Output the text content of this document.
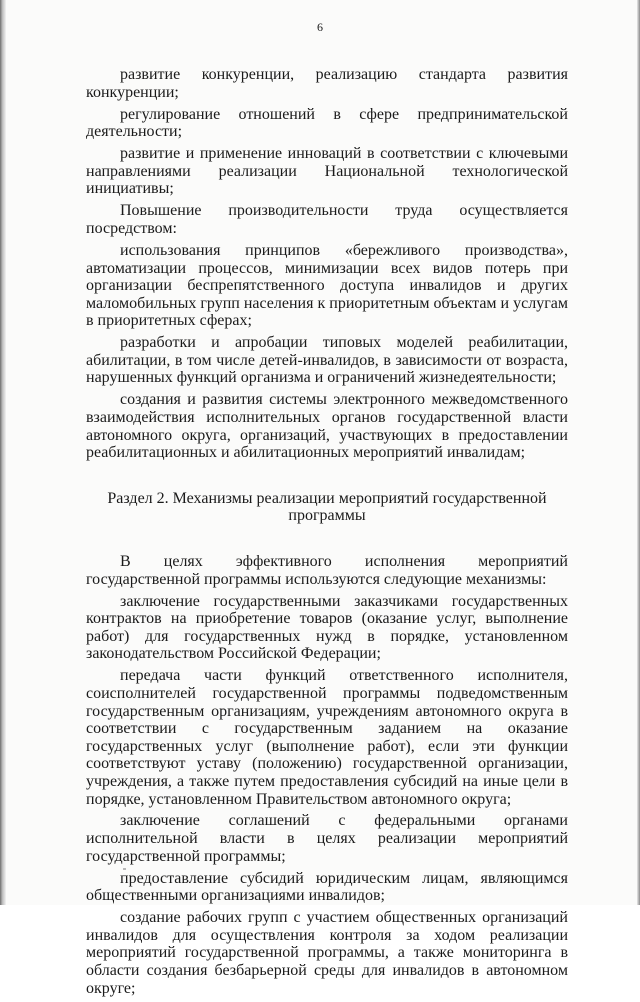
6

развитие конкуренции, реализацию стандарта развития конкуренции;

регулирование отношений в сфере предпринимательской деятельности;

развитие и применение инноваций в соответствии с ключевыми направлениями реализации Национальной технологической инициативы;

Повышение производительности труда осуществляется посредством:

использования принципов «бережливого производства», автоматизации процессов, минимизации всех видов потерь при организации беспрепятственного доступа инвалидов и других маломобильных групп населения к приоритетным объектам и услугам в приоритетных сферах;

разработки и апробации типовых моделей реабилитации, абилитации, в том числе детей-инвалидов, в зависимости от возраста, нарушенных функций организма и ограничений жизнедеятельности;

создания и развития системы электронного межведомственного взаимодействия исполнительных органов государственной власти автономного округа, организаций, участвующих в предоставлении реабилитационных и абилитационных мероприятий инвалидам;

Раздел 2. Механизмы реализации мероприятий государственной
программы

В целях эффективного исполнения мероприятий государственной программы используются следующие механизмы:

заключение государственными заказчиками государственных контрактов на приобретение товаров (оказание услуг, выполнение работ) для государственных нужд в порядке, установленном законодательством Российской Федерации;

передача части функций ответственного исполнителя, соисполнителей государственной программы подведомственным государственным организациям, учреждениям автономного округа в соответствии с государственным заданием на оказание государственных услуг (выполнение работ), если эти функции соответствуют уставу (положению) государственной организации, учреждения, а также путем предоставления субсидий на иные цели в порядке, установленном Правительством автономного округа;

заключение соглашений с федеральными органами исполнительной власти в целях реализации мероприятий государственной программы;

предоставление субсидий юридическим лицам, являющимся общественными организациями инвалидов;

создание рабочих групп с участием общественных организаций инвалидов для осуществления контроля за ходом реализации мероприятий государственной программы, а также мониторинга в области создания безбарьерной среды для инвалидов в автономном округе;
